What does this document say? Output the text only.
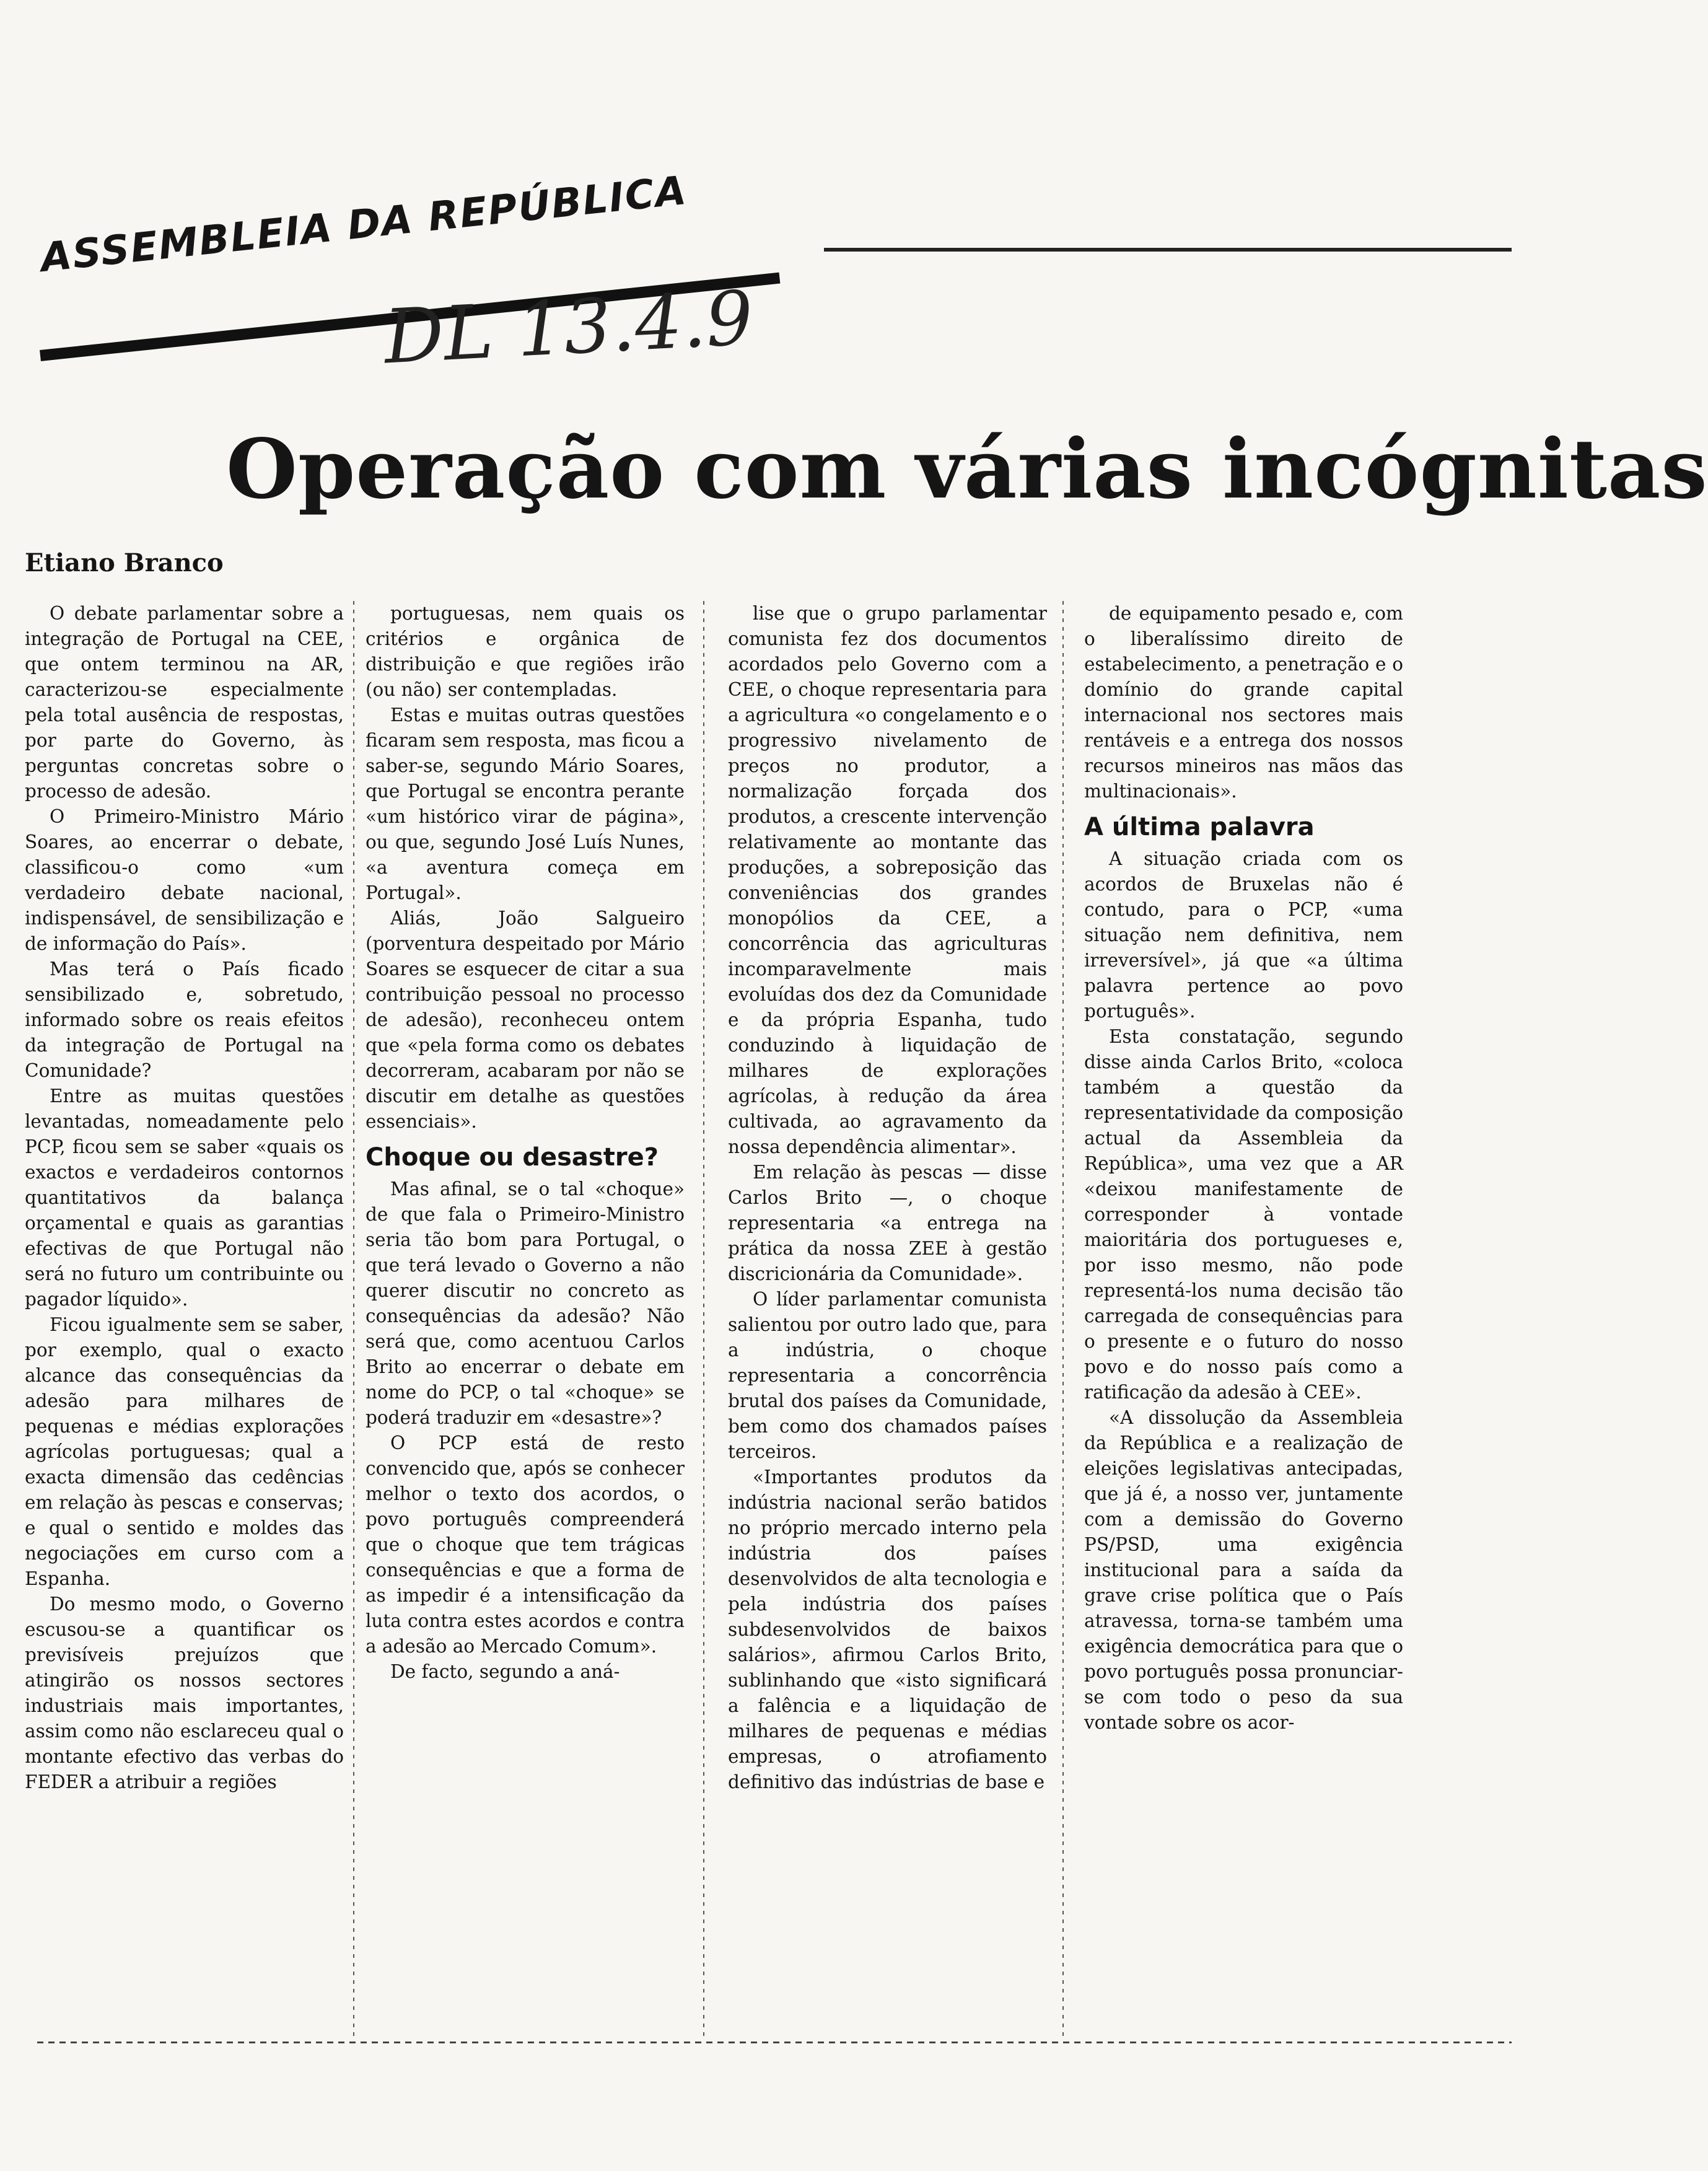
ASSEMBLEIA DA REPÚBLICA
DL 13.4.9
Operação com várias incógnitas
Etiano Branco

O debate parlamentar sobre a integração de Portugal na CEE, que ontem terminou na AR, caracterizou-se especialmente pela total ausência de respostas, por parte do Governo, às perguntas concretas sobre o processo de adesão.

O Primeiro-Ministro Mário Soares, ao encerrar o debate, classificou-o como «um verdadeiro debate nacional, indispensável, de sensibilização e de informação do País».

Mas terá o País ficado sensibilizado e, sobretudo, informado sobre os reais efeitos da integração de Portugal na Comunidade?

Entre as muitas questões levantadas, nomeadamente pelo PCP, ficou sem se saber «quais os exactos e verdadeiros contornos quantitativos da balança orçamental e quais as garantias efectivas de que Portugal não será no futuro um contribuinte ou pagador líquido».

Ficou igualmente sem se saber, por exemplo, qual o exacto alcance das consequências da adesão para milhares de pequenas e médias explorações agrícolas portuguesas; qual a exacta dimensão das cedências em relação às pescas e conservas; e qual o sentido e moldes das negociações em curso com a Espanha.

Do mesmo modo, o Governo escusou-se a quantificar os previsíveis prejuízos que atingirão os nossos sectores industriais mais importantes, assim como não esclareceu qual o montante efectivo das verbas do FEDER a atribuir a regiões

portuguesas, nem quais os critérios e orgânica de distribuição e que regiões irão (ou não) ser contempladas.

Estas e muitas outras questões ficaram sem resposta, mas ficou a saber-se, segundo Mário Soares, que Portugal se encontra perante «um histórico virar de página», ou que, segundo José Luís Nunes, «a aventura começa em Portugal».

Aliás, João Salgueiro (porventura despeitado por Mário Soares se esquecer de citar a sua contribuição pessoal no processo de adesão), reconheceu ontem que «pela forma como os debates decorreram, acabaram por não se discutir em detalhe as questões essenciais».

Choque ou desastre?

Mas afinal, se o tal «choque» de que fala o Primeiro-Ministro seria tão bom para Portugal, o que terá levado o Governo a não querer discutir no concreto as consequências da adesão? Não será que, como acentuou Carlos Brito ao encerrar o debate em nome do PCP, o tal «choque» se poderá traduzir em «desastre»?

O PCP está de resto convencido que, após se conhecer melhor o texto dos acordos, o povo português compreenderá que o choque que tem trágicas consequências e que a forma de as impedir é a intensificação da luta contra estes acordos e contra a adesão ao Mercado Comum».

De facto, segundo a aná-

lise que o grupo parlamentar comunista fez dos documentos acordados pelo Governo com a CEE, o choque representaria para a agricultura «o congelamento e o progressivo nivelamento de preços no produtor, a normalização forçada dos produtos, a crescente intervenção relativamente ao montante das produções, a sobreposição das conveniências dos grandes monopólios da CEE, a concorrência das agriculturas incomparavelmente mais evoluídas dos dez da Comunidade e da própria Espanha, tudo conduzindo à liquidação de milhares de explorações agrícolas, à redução da área cultivada, ao agravamento da nossa dependência alimentar».

Em relação às pescas — disse Carlos Brito —, o choque representaria «a entrega na prática da nossa ZEE à gestão discricionária da Comunidade».

O líder parlamentar comunista salientou por outro lado que, para a indústria, o choque representaria a concorrência brutal dos países da Comunidade, bem como dos chamados países terceiros.

«Importantes produtos da indústria nacional serão batidos no próprio mercado interno pela indústria dos países desenvolvidos de alta tecnologia e pela indústria dos países subdesenvolvidos de baixos salários», afirmou Carlos Brito, sublinhando que «isto significará a falência e a liquidação de milhares de pequenas e médias empresas, o atrofiamento definitivo das indústrias de base e

de equipamento pesado e, com o liberalíssimo direito de estabelecimento, a penetração e o domínio do grande capital internacional nos sectores mais rentáveis e a entrega dos nossos recursos mineiros nas mãos das multinacionais».

A última palavra

A situação criada com os acordos de Bruxelas não é contudo, para o PCP, «uma situação nem definitiva, nem irreversível», já que «a última palavra pertence ao povo português».

Esta constatação, segundo disse ainda Carlos Brito, «coloca também a questão da representatividade da composição actual da Assembleia da República», uma vez que a AR «deixou manifestamente de corresponder à vontade maioritária dos portugueses e, por isso mesmo, não pode representá-los numa decisão tão carregada de consequências para o presente e o futuro do nosso povo e do nosso país como a ratificação da adesão à CEE».

«A dissolução da Assembleia da República e a realização de eleições legislativas antecipadas, que já é, a nosso ver, juntamente com a demissão do Governo PS/PSD, uma exigência institucional para a saída da grave crise política que o País atravessa, torna-se também uma exigência democrática para que o povo português possa pronunciar-se com todo o peso da sua vontade sobre os acor-
